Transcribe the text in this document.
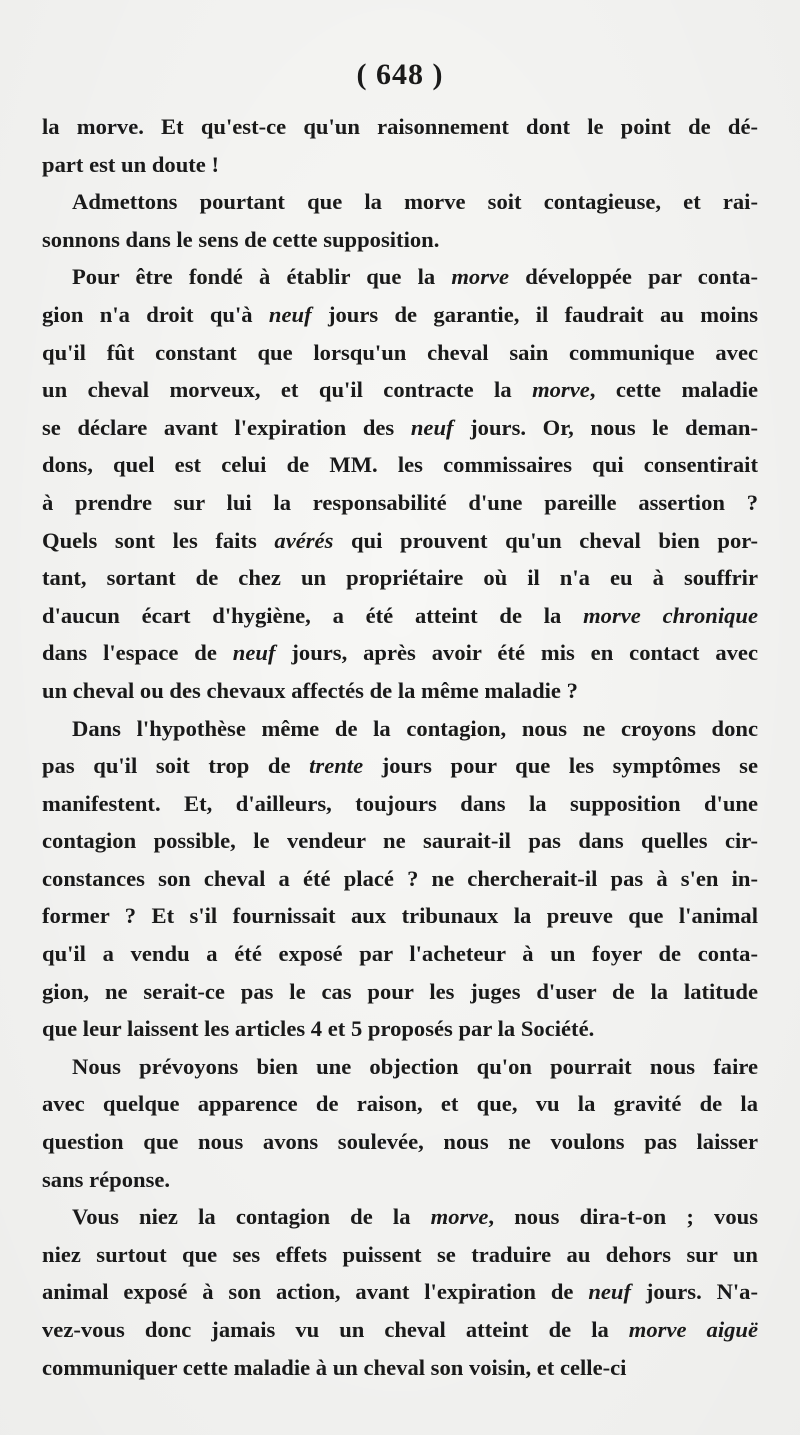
( 648 )
la morve. Et qu'est-ce qu'un raisonnement dont le point de dé-
part est un doute !
Admettons pourtant que la morve soit contagieuse, et rai-
sonnons dans le sens de cette supposition.
Pour être fondé à établir que la morve développée par conta-
gion n'a droit qu'à neuf jours de garantie, il faudrait au moins
qu'il fût constant que lorsqu'un cheval sain communique avec
un cheval morveux, et qu'il contracte la morve, cette maladie
se déclare avant l'expiration des neuf jours. Or, nous le deman-
dons, quel est celui de MM. les commissaires qui consentirait
à prendre sur lui la responsabilité d'une pareille assertion ?
Quels sont les faits avérés qui prouvent qu'un cheval bien por-
tant, sortant de chez un propriétaire où il n'a eu à souffrir
d'aucun écart d'hygiène, a été atteint de la morve chronique
dans l'espace de neuf jours, après avoir été mis en contact avec
un cheval ou des chevaux affectés de la même maladie ?
Dans l'hypothèse même de la contagion, nous ne croyons donc
pas qu'il soit trop de trente jours pour que les symptômes se
manifestent. Et, d'ailleurs, toujours dans la supposition d'une
contagion possible, le vendeur ne saurait-il pas dans quelles cir-
constances son cheval a été placé ? ne chercherait-il pas à s'en in-
former ? Et s'il fournissait aux tribunaux la preuve que l'animal
qu'il a vendu a été exposé par l'acheteur à un foyer de conta-
gion, ne serait-ce pas le cas pour les juges d'user de la latitude
que leur laissent les articles 4 et 5 proposés par la Société.
Nous prévoyons bien une objection qu'on pourrait nous faire
avec quelque apparence de raison, et que, vu la gravité de la
question que nous avons soulevée, nous ne voulons pas laisser
sans réponse.
Vous niez la contagion de la morve, nous dira-t-on ; vous
niez surtout que ses effets puissent se traduire au dehors sur un
animal exposé à son action, avant l'expiration de neuf jours. N'a-
vez-vous donc jamais vu un cheval atteint de la morve aiguë
communiquer cette maladie à un cheval son voisin, et celle-ci
